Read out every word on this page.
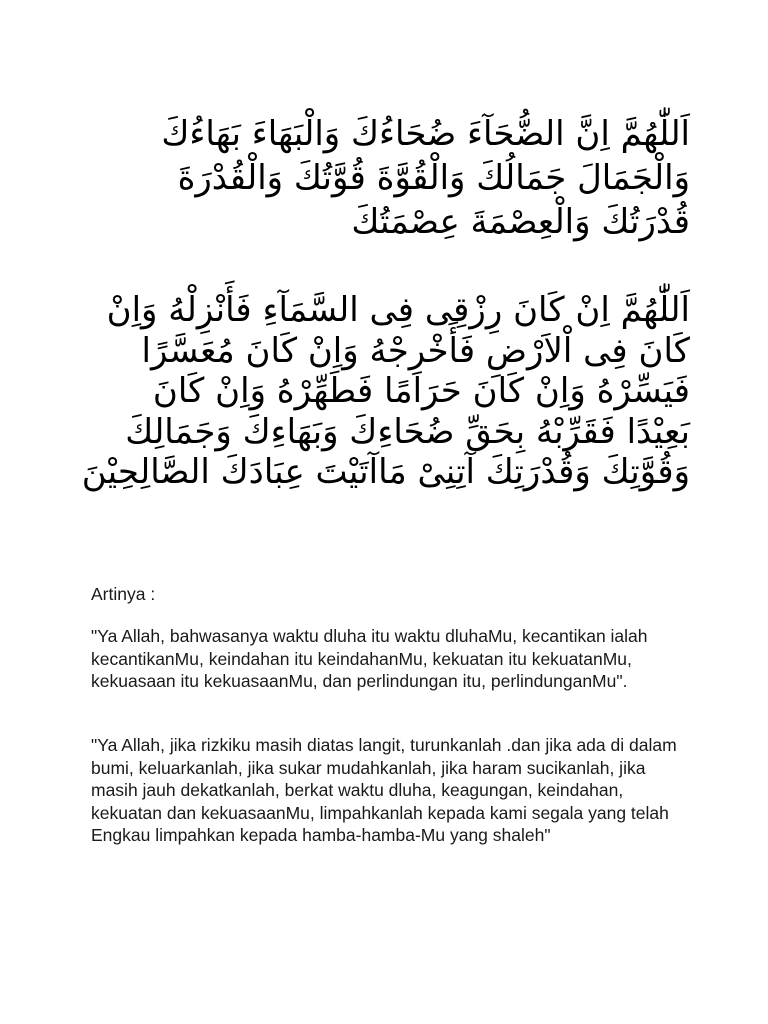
اَللّٰهُمَّ اِنَّ الضُّحَآءَ ضُحَاءُكَ وَالْبَهَاءَ بَهَاءُكَ وَالْجَمَالَ جَمَالُكَ وَالْقُوَّةَ قُوَّتُكَ وَالْقُدْرَةَ قُدْرَتُكَ وَالْعِصْمَةَ عِصْمَتُكَ

اَللّٰهُمَّ اِنْ كَانَ رِزْقِى فِى السَّمَآءِ فَأَنْزِلْهُ وَاِنْ كَانَ فِى اْلاَرْضِ فَأَخْرِجْهُ وَاِنْ كَانَ مُعَسَّرًا فَيَسِّرْهُ وَاِنْ كَانَ حَرَامًا فَطَهِّرْهُ وَاِنْ كَانَ بَعِيْدًا فَقَرِّبْهُ بِحَقِّ ضُحَاءِكَ وَبَهَاءِكَ وَجَمَالِكَ وَقُوَّتِكَ وَقُدْرَتِكَ آتِنِىْ مَاآتَيْتَ عِبَادَكَ الصَّالِحِيْنَ

Artinya :

"Ya Allah, bahwasanya waktu dluha itu waktu dluhaMu, kecantikan ialah kecantikanMu, keindahan itu keindahanMu, kekuatan itu kekuatanMu, kekuasaan itu kekuasaanMu, dan perlindungan itu, perlindunganMu".

"Ya Allah, jika rizkiku masih diatas langit, turunkanlah .dan jika ada di dalam bumi, keluarkanlah, jika sukar mudahkanlah, jika haram sucikanlah, jika masih jauh dekatkanlah, berkat waktu dluha, keagungan, keindahan, kekuatan dan kekuasaanMu, limpahkanlah kepada kami segala yang telah Engkau limpahkan kepada hamba-hamba-Mu yang shaleh"
